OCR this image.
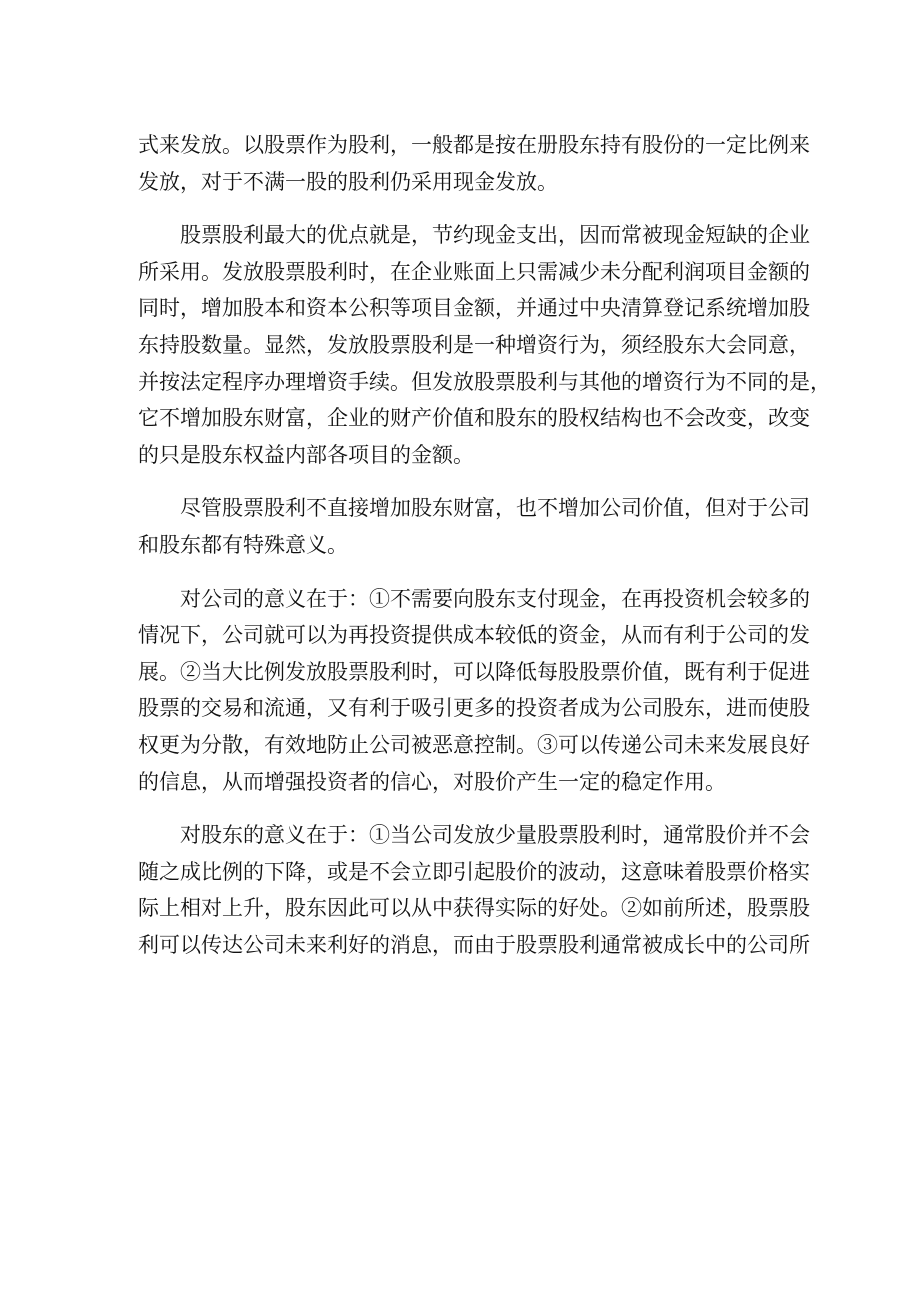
式来发放。以股票作为股利，一般都是按在册股东持有股份的一定比例来
发放，对于不满一股的股利仍采用现金发放。
股票股利最大的优点就是，节约现金支出，因而常被现金短缺的企业
所采用。发放股票股利时，在企业账面上只需减少未分配利润项目金额的
同时，增加股本和资本公积等项目金额，并通过中央清算登记系统增加股
东持股数量。显然，发放股票股利是一种增资行为，须经股东大会同意，
并按法定程序办理增资手续。但发放股票股利与其他的增资行为不同的是，
它不增加股东财富，企业的财产价值和股东的股权结构也不会改变，改变
的只是股东权益内部各项目的金额。
尽管股票股利不直接增加股东财富，也不增加公司价值，但对于公司
和股东都有特殊意义。
对公司的意义在于：①不需要向股东支付现金，在再投资机会较多的
情况下，公司就可以为再投资提供成本较低的资金，从而有利于公司的发
展。②当大比例发放股票股利时，可以降低每股股票价值，既有利于促进
股票的交易和流通，又有利于吸引更多的投资者成为公司股东，进而使股
权更为分散，有效地防止公司被恶意控制。③可以传递公司未来发展良好
的信息，从而增强投资者的信心，对股价产生一定的稳定作用。
对股东的意义在于：①当公司发放少量股票股利时，通常股价并不会
随之成比例的下降，或是不会立即引起股价的波动，这意味着股票价格实
际上相对上升，股东因此可以从中获得实际的好处。②如前所述，股票股
利可以传达公司未来利好的消息，而由于股票股利通常被成长中的公司所
